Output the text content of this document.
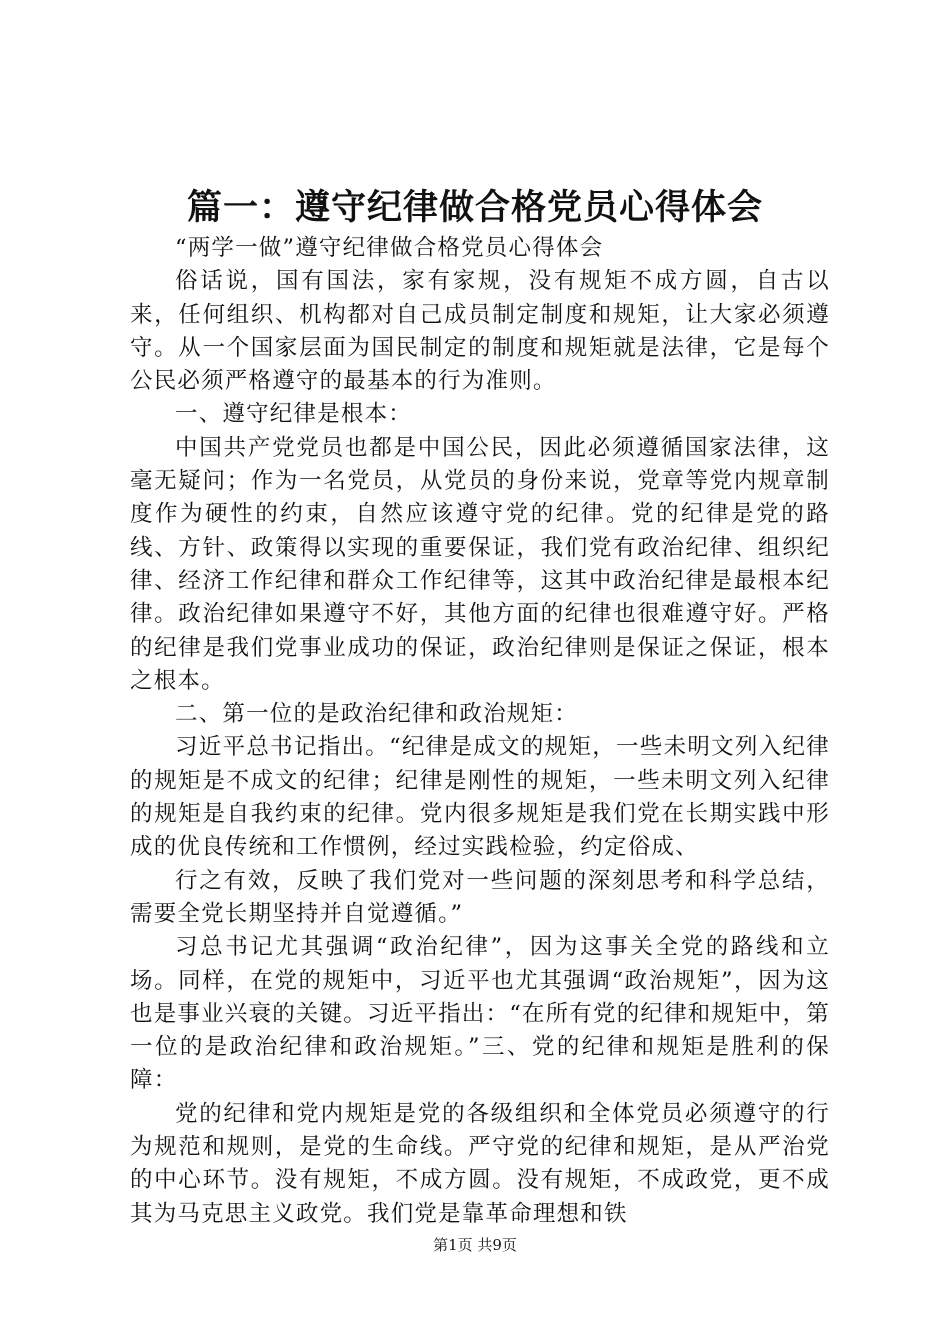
篇一：遵守纪律做合格党员心得体会

“两学一做”遵守纪律做合格党员心得体会

俗话说，国有国法，家有家规，没有规矩不成方圆，自古以来，任何组织、机构都对自己成员制定制度和规矩，让大家必须遵守。从一个国家层面为国民制定的制度和规矩就是法律，它是每个公民必须严格遵守的最基本的行为准则。

一、遵守纪律是根本：

中国共产党党员也都是中国公民，因此必须遵循国家法律，这毫无疑问；作为一名党员，从党员的身份来说，党章等党内规章制度作为硬性的约束，自然应该遵守党的纪律。党的纪律是党的路线、方针、政策得以实现的重要保证，我们党有政治纪律、组织纪律、经济工作纪律和群众工作纪律等，这其中政治纪律是最根本纪律。政治纪律如果遵守不好，其他方面的纪律也很难遵守好。严格的纪律是我们党事业成功的保证，政治纪律则是保证之保证，根本之根本。

二、第一位的是政治纪律和政治规矩：

习近平总书记指出。“纪律是成文的规矩，一些未明文列入纪律的规矩是不成文的纪律；纪律是刚性的规矩，一些未明文列入纪律的规矩是自我约束的纪律。党内很多规矩是我们党在长期实践中形成的优良传统和工作惯例，经过实践检验，约定俗成、

行之有效，反映了我们党对一些问题的深刻思考和科学总结，需要全党长期坚持并自觉遵循。”

习总书记尤其强调“政治纪律”，因为这事关全党的路线和立场。同样，在党的规矩中，习近平也尤其强调“政治规矩”，因为这也是事业兴衰的关键。习近平指出：“在所有党的纪律和规矩中，第一位的是政治纪律和政治规矩。”三、党的纪律和规矩是胜利的保障：

党的纪律和党内规矩是党的各级组织和全体党员必须遵守的行为规范和规则，是党的生命线。严守党的纪律和规矩，是从严治党的中心环节。没有规矩，不成方圆。没有规矩，不成政党，更不成其为马克思主义政党。我们党是靠革命理想和铁

第1页 共9页
